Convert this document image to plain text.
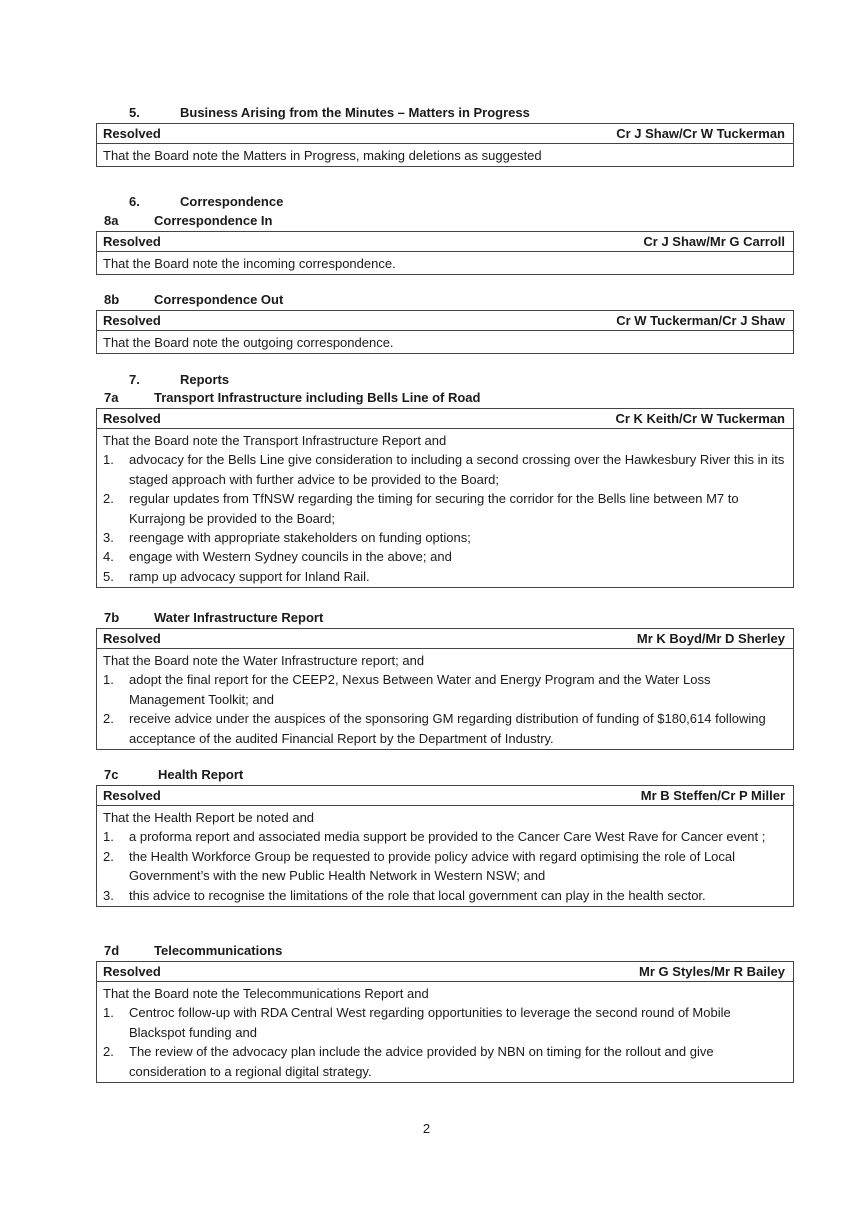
5.	Business Arising from the Minutes – Matters in Progress
Resolved	Cr J Shaw/Cr W Tuckerman
That the Board note the Matters in Progress, making deletions as suggested
6.	Correspondence
8a	Correspondence In
Resolved	Cr J Shaw/Mr G Carroll
That the Board note the incoming correspondence.
8b	Correspondence Out
Resolved	Cr W Tuckerman/Cr J Shaw
That the Board note the outgoing correspondence.
7.	Reports
7a	Transport Infrastructure including Bells Line of Road
Resolved	Cr K Keith/Cr W Tuckerman
That the Board note the Transport Infrastructure Report and
1. advocacy for the Bells Line give consideration to including a second crossing over the Hawkesbury River this in its staged approach with further advice to be provided to the Board;
2. regular updates from TfNSW regarding the timing for securing the corridor for the Bells line between M7 to Kurrajong be provided to the Board;
3. reengage with appropriate stakeholders on funding options;
4. engage with Western Sydney councils in the above; and
5. ramp up advocacy support for Inland Rail.
7b	Water Infrastructure Report
Resolved	Mr K Boyd/Mr D Sherley
That the Board note the Water Infrastructure report; and
1. adopt the final report for the CEEP2, Nexus Between Water and Energy Program and the Water Loss Management Toolkit; and
2. receive advice under the auspices of the sponsoring GM regarding distribution of funding of $180,614 following acceptance of the audited Financial Report by the Department of Industry.
7c	Health Report
Resolved	Mr B Steffen/Cr P Miller
That the Health Report be noted and
1. a proforma report and associated media support be provided to the Cancer Care West Rave for Cancer event ;
2. the Health Workforce Group be requested to provide policy advice with regard optimising the role of Local Government’s with the new Public Health Network in Western NSW; and
3. this advice to recognise the limitations of the role that local government can play in the health sector.
7d	Telecommunications
Resolved	Mr G Styles/Mr R Bailey
That the Board note the Telecommunications Report and
1. Centroc follow-up with RDA Central West regarding opportunities to leverage the second round of Mobile Blackspot funding and
2. The review of the advocacy plan include the advice provided by NBN on timing for the rollout and give consideration to a regional digital strategy.
2
